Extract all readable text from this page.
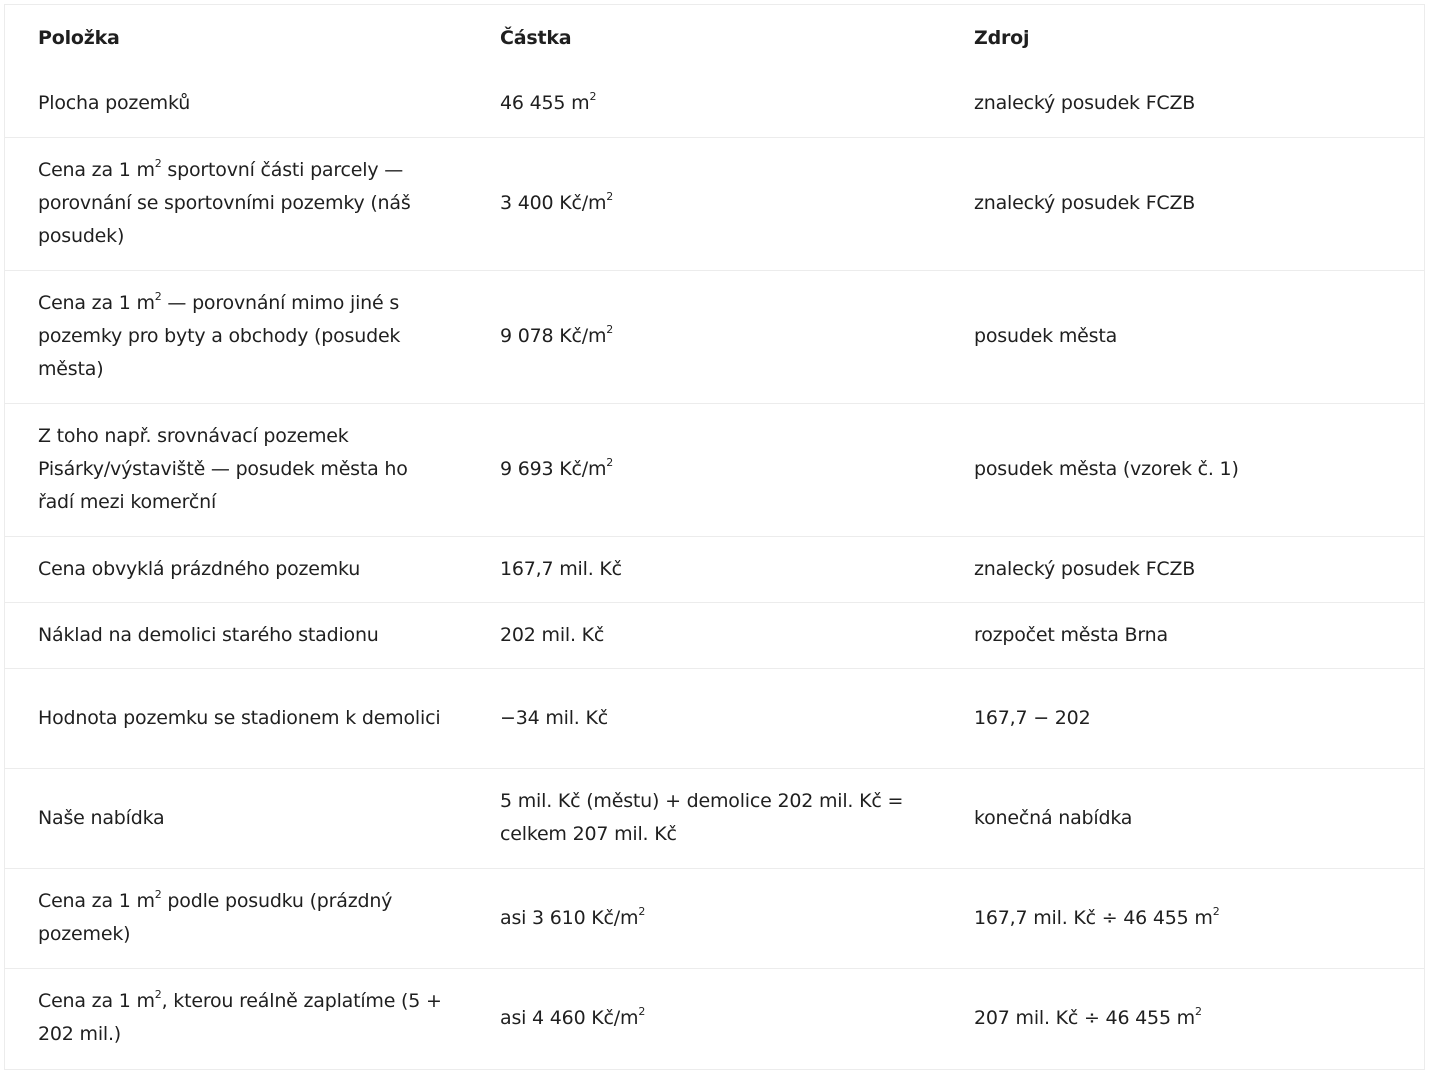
Položka	Částka	Zdroj
Plocha pozemků	46 455 $m^2$	znalecký posudek FCZB
Cena za 1 $m^2$ sportovní části parcely — porovnání se sportovními pozemky (náš posudek)	3 400 $Kč/m^2$	znalecký posudek FCZB
Cena za 1 $m^2$ — porovnání mimo jiné s pozemky pro byty a obchody (posudek města)	9 078 $Kč/m^2$	posudek města
Z toho např. srovnávací pozemek Pisárky/výstaviště — posudek města ho řadí mezi komerční	9 693 $Kč/m^2$	posudek města (vzorek č. 1)
Cena obvyklá prázdného pozemku	167,7 mil. Kč	znalecký posudek FCZB
Náklad na demolici starého stadionu	202 mil. Kč	rozpočet města Brna
Hodnota pozemku se stadionem k demolici	−34 mil. Kč	167,7 − 202
Naše nabídka	5 mil. Kč (městu) + demolice 202 mil. Kč = celkem 207 mil. Kč	konečná nabídka
Cena za 1 $m^2$ podle posudku (prázdný pozemek)	asi 3 610 $Kč/m^2$	167,7 mil. Kč ÷ 46 455 $m^2$
Cena za 1 $m^2$, kterou reálně zaplatíme (5 + 202 mil.)	asi 4 460 $Kč/m^2$	207 mil. Kč ÷ 46 455 $m^2$
